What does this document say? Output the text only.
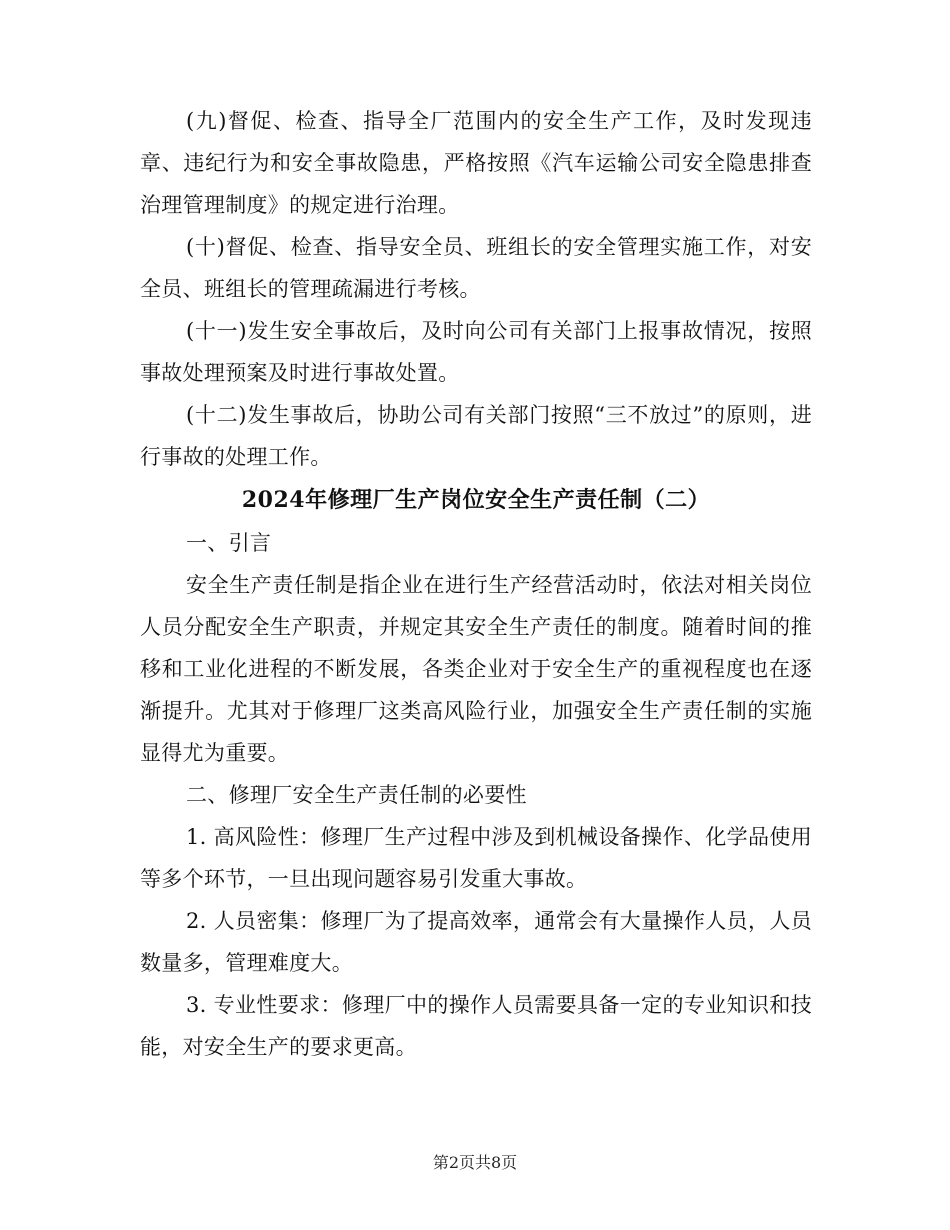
(九)督促、检查、指导全厂范围内的安全生产工作，及时发现违章、违纪行为和安全事故隐患，严格按照《汽车运输公司安全隐患排查治理管理制度》的规定进行治理。

(十)督促、检查、指导安全员、班组长的安全管理实施工作，对安全员、班组长的管理疏漏进行考核。

(十一)发生安全事故后，及时向公司有关部门上报事故情况，按照事故处理预案及时进行事故处置。

(十二)发生事故后，协助公司有关部门按照“三不放过”的原则，进行事故的处理工作。

2024年修理厂生产岗位安全生产责任制（二）

一、引言

安全生产责任制是指企业在进行生产经营活动时，依法对相关岗位人员分配安全生产职责，并规定其安全生产责任的制度。随着时间的推移和工业化进程的不断发展，各类企业对于安全生产的重视程度也在逐渐提升。尤其对于修理厂这类高风险行业，加强安全生产责任制的实施显得尤为重要。

二、修理厂安全生产责任制的必要性

1. 高风险性：修理厂生产过程中涉及到机械设备操作、化学品使用等多个环节，一旦出现问题容易引发重大事故。

2. 人员密集：修理厂为了提高效率，通常会有大量操作人员，人员数量多，管理难度大。

3. 专业性要求：修理厂中的操作人员需要具备一定的专业知识和技能，对安全生产的要求更高。

第2页共8页
